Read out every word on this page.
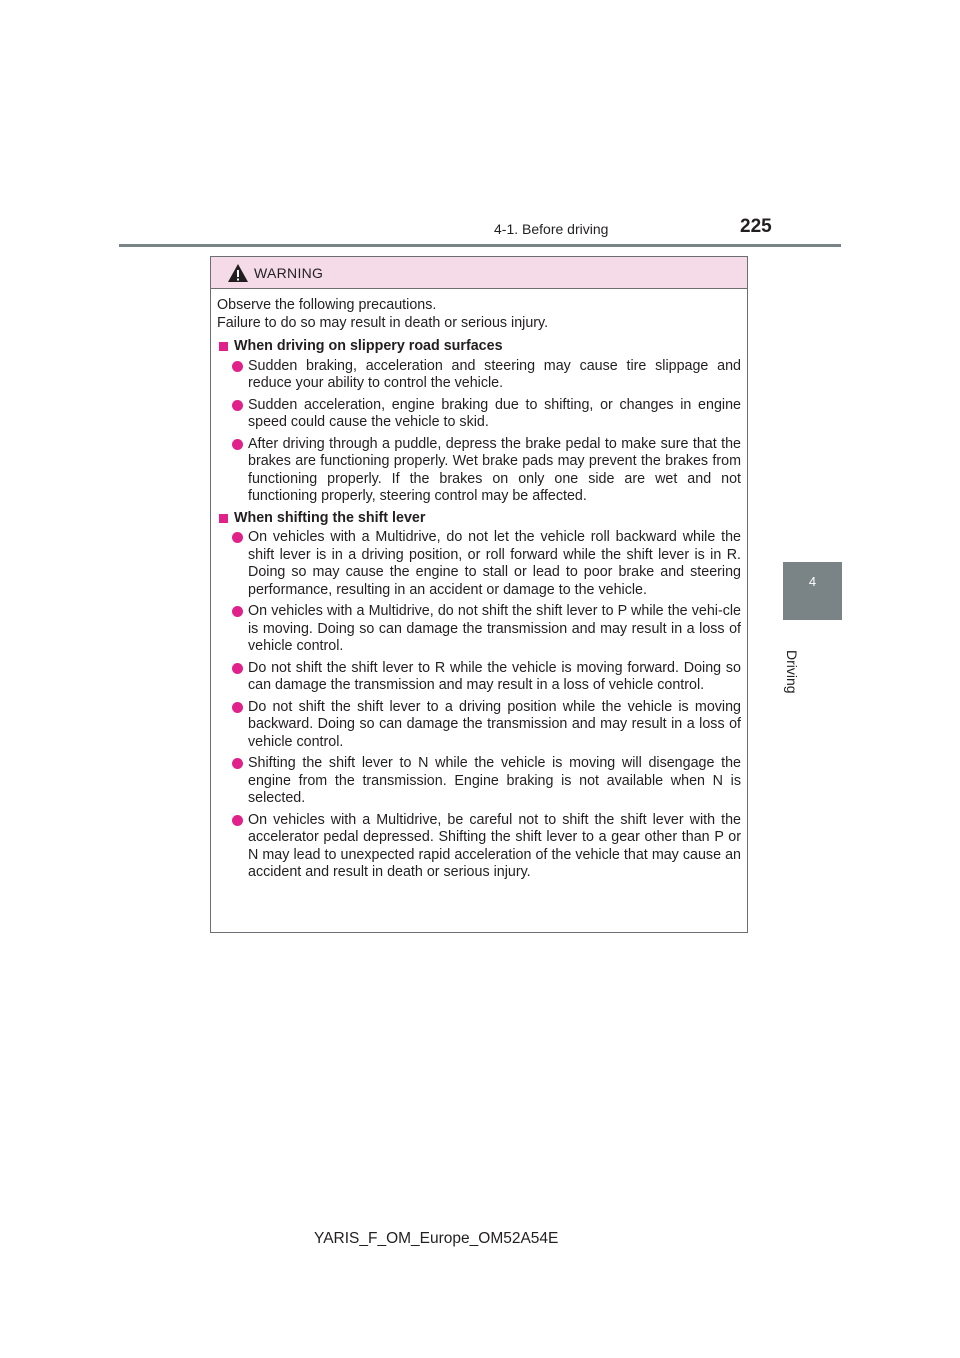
4-1. Before driving	225
4
Driving
WARNING

Observe the following precautions.
Failure to do so may result in death or serious injury.

When driving on slippery road surfaces
Sudden braking, acceleration and steering may cause tire slippage and reduce your ability to control the vehicle.
Sudden acceleration, engine braking due to shifting, or changes in engine speed could cause the vehicle to skid.
After driving through a puddle, depress the brake pedal to make sure that the brakes are functioning properly. Wet brake pads may prevent the brakes from functioning properly. If the brakes on only one side are wet and not functioning properly, steering control may be affected.
When shifting the shift lever
On vehicles with a Multidrive, do not let the vehicle roll backward while the shift lever is in a driving position, or roll forward while the shift lever is in R. Doing so may cause the engine to stall or lead to poor brake and steering performance, resulting in an accident or damage to the vehicle.
On vehicles with a Multidrive, do not shift the shift lever to P while the vehi-cle is moving. Doing so can damage the transmission and may result in a loss of vehicle control.
Do not shift the shift lever to R while the vehicle is moving forward. Doing so can damage the transmission and may result in a loss of vehicle control.
Do not shift the shift lever to a driving position while the vehicle is moving backward. Doing so can damage the transmission and may result in a loss of vehicle control.
Shifting the shift lever to N while the vehicle is moving will disengage the engine from the transmission. Engine braking is not available when N is selected.
On vehicles with a Multidrive, be careful not to shift the shift lever with the accelerator pedal depressed. Shifting the shift lever to a gear other than P or N may lead to unexpected rapid acceleration of the vehicle that may cause an accident and result in death or serious injury.
YARIS_F_OM_Europe_OM52A54E
